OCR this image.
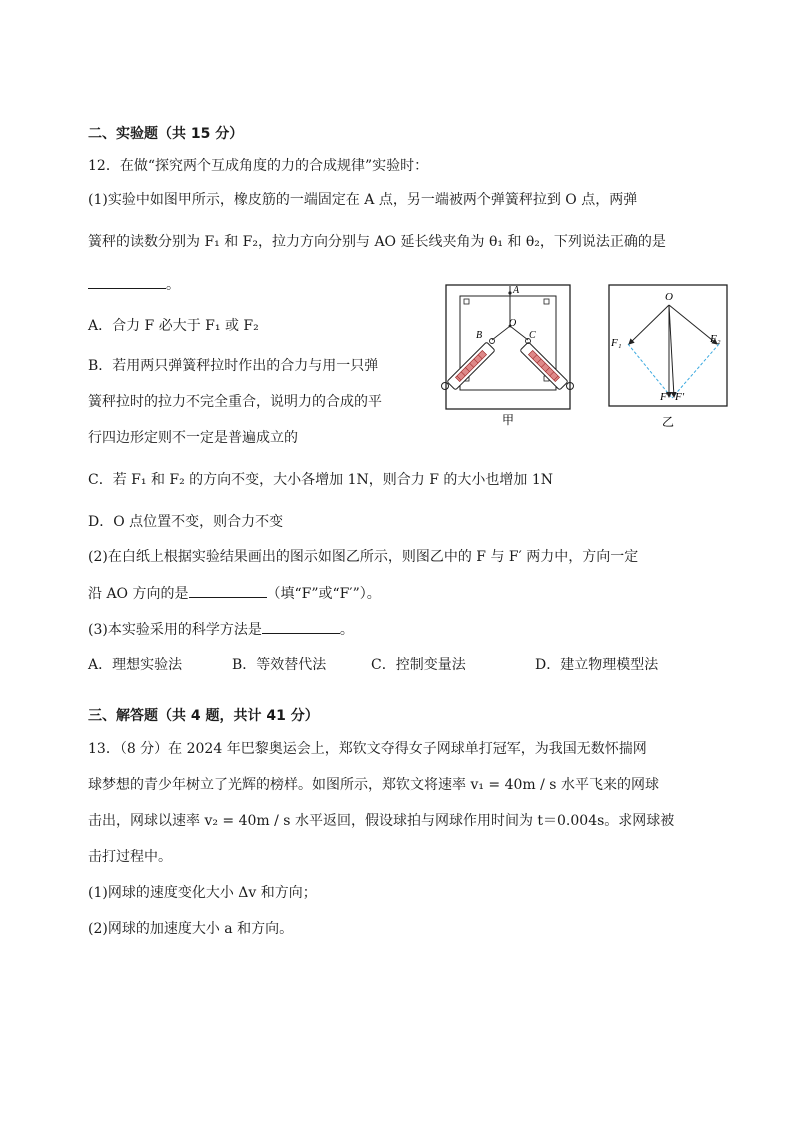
二、实验题（共 15 分）
12．在做“探究两个互成角度的力的合成规律”实验时：
(1)实验中如图甲所示，橡皮筋的一端固定在 A 点，另一端被两个弹簧秤拉到 O 点，两弹
簧秤的读数分别为 F₁ 和 F₂，拉力方向分别与 AO 延长线夹角为 θ₁ 和 θ₂，下列说法正确的是
。
A．合力 F 必大于 F₁ 或 F₂
B．若用两只弹簧秤拉时作出的合力与用一只弹
簧秤拉时的拉力不完全重合，说明力的合成的平
行四边形定则不一定是普遍成立的
C．若 F₁ 和 F₂ 的方向不变，大小各增加 1N，则合力 F 的大小也增加 1N
D．O 点位置不变，则合力不变
(2)在白纸上根据实验结果画出的图示如图乙所示，则图乙中的 F 与 F′ 两力中，方向一定
沿 AO 方向的是	（填“F”或“F′”）。
(3)本实验采用的科学方法是	。
A．理想实验法	B．等效替代法	C．控制变量法	D．建立物理模型法
A
O
B	C
甲
O
F₁	F₂
F F′
乙
三、解答题（共 4 题，共计 41 分）
13．（8 分）在 2024 年巴黎奥运会上，郑钦文夺得女子网球单打冠军，为我国无数怀揣网
球梦想的青少年树立了光辉的榜样。如图所示，郑钦文将速率 v₁ = 40m / s 水平飞来的网球
击出，网球以速率 v₂ = 40m / s 水平返回，假设球拍与网球作用时间为 t＝0.004s。求网球被
击打过程中。
(1)网球的速度变化大小 Δv 和方向；
(2)网球的加速度大小 a 和方向。
